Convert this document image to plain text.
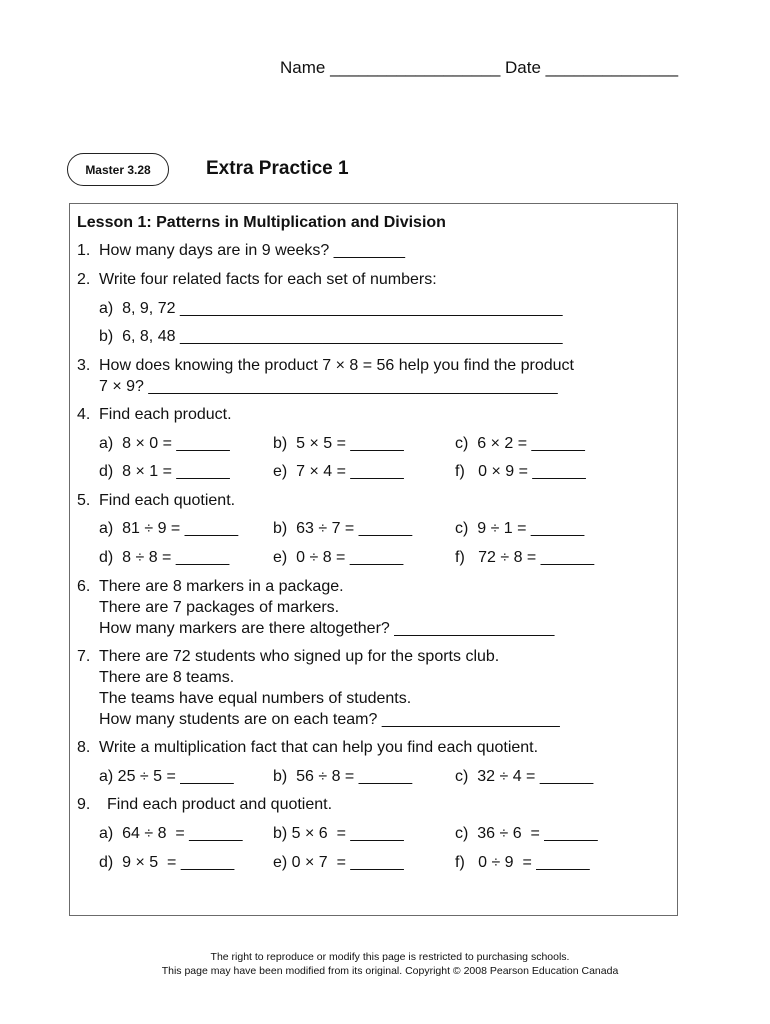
Name __________________ Date ______________
Master 3.28	Extra Practice 1
Lesson 1: Patterns in Multiplication and Division
1. How many days are in 9 weeks? ________
2. Write four related facts for each set of numbers:
a)  8, 9, 72 ___________________________________________
b)  6, 8, 48 ___________________________________________
3. How does knowing the product 7 × 8 = 56 help you find the product
7 × 9? ______________________________________________
4. Find each product.
a)  8 × 0 = ______	b)  5 × 5 = ______	c)  6 × 2 = ______
d)  8 × 1 = ______	e)  7 × 4 = ______	f)   0 × 9 = ______
5. Find each quotient.
a)  81 ÷ 9 = ______ b)  63 ÷ 7 = ______	c)  9 ÷ 1 = ______
d)  8 ÷ 8 = ______	e)  0 ÷ 8 = ______	f)   72 ÷ 8 = ______
6. There are 8 markers in a package.
There are 7 packages of markers.
How many markers are there altogether? __________________
7. There are 72 students who signed up for the sports club.
There are 8 teams.
The teams have equal numbers of students.
How many students are on each team? ____________________
8. Write a multiplication fact that can help you find each quotient.
a) 25 ÷ 5 = ______ b)  56 ÷ 8 = ______	c)  32 ÷ 4 = ______
9. Find each product and quotient.
a)  64 ÷ 8  = ______ b) 5 × 6  = ______	c)  36 ÷ 6  = ______
d)  9 × 5  = ______ e) 0 × 7  = ______	f)   0 ÷ 9  = ______
The right to reproduce or modify this page is restricted to purchasing schools.
This page may have been modified from its original. Copyright © 2008 Pearson Education Canada
